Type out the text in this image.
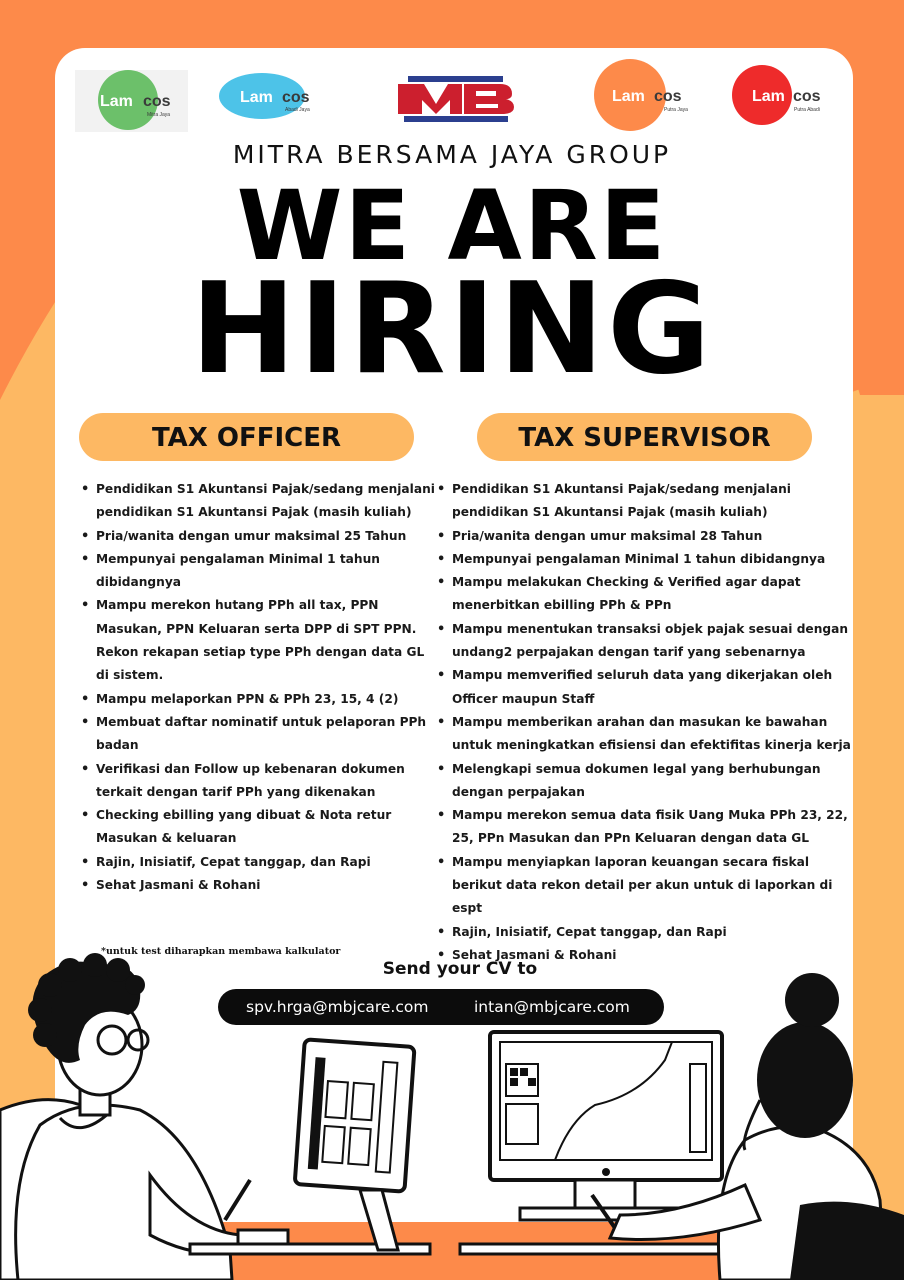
Lam cos
Mitra Jaya
Lam cos
Abadi Jaya
Lam cos
Putra Jaya
Lam cos
Putra Abadi
MITRA BERSAMA JAYA GROUP
WE ARE
HIRING
TAX OFFICER	TAX SUPERVISOR
• Pendidikan S1 Akuntansi Pajak/sedang menjalani pendidikan S1 Akuntansi Pajak (masih kuliah)
• Pria/wanita dengan umur maksimal 25 Tahun
• Mempunyai pengalaman Minimal 1 tahun dibidangnya
• Mampu merekon hutang PPh all tax, PPN Masukan, PPN Keluaran serta DPP di SPT PPN. Rekon rekapan setiap type PPh dengan data GL di sistem.
• Mampu melaporkan PPN & PPh 23, 15, 4 (2)
• Membuat daftar nominatif untuk pelaporan PPh badan
• Verifikasi dan Follow up kebenaran dokumen terkait dengan tarif PPh yang dikenakan
• Checking ebilling yang dibuat & Nota retur Masukan & keluaran
• Rajin, Inisiatif, Cepat tanggap, dan Rapi
• Sehat Jasmani & Rohani
• Pendidikan S1 Akuntansi Pajak/sedang menjalani pendidikan S1 Akuntansi Pajak (masih kuliah)
• Pria/wanita dengan umur maksimal 28 Tahun
• Mempunyai pengalaman Minimal 1 tahun dibidangnya
• Mampu melakukan Checking & Verified agar dapat menerbitkan ebilling PPh & PPn
• Mampu menentukan transaksi objek pajak sesuai dengan undang2 perpajakan dengan tarif yang sebenarnya
• Mampu memverified seluruh data yang dikerjakan oleh Officer maupun Staff
• Mampu memberikan arahan dan masukan ke bawahan untuk meningkatkan efisiensi dan efektifitas kinerja kerja
• Melengkapi semua dokumen legal yang berhubungan dengan perpajakan
• Mampu merekon semua data fisik Uang Muka PPh 23, 22, 25, PPn Masukan dan PPn Keluaran dengan data GL
• Mampu menyiapkan laporan keuangan secara fiskal berikut data rekon detail per akun untuk di laporkan di espt
• Rajin, Inisiatif, Cepat tanggap, dan Rapi
• Sehat Jasmani & Rohani
*untuk test diharapkan membawa kalkulator
Send your CV to
spv.hrga@mbjcare.com	intan@mbjcare.com
